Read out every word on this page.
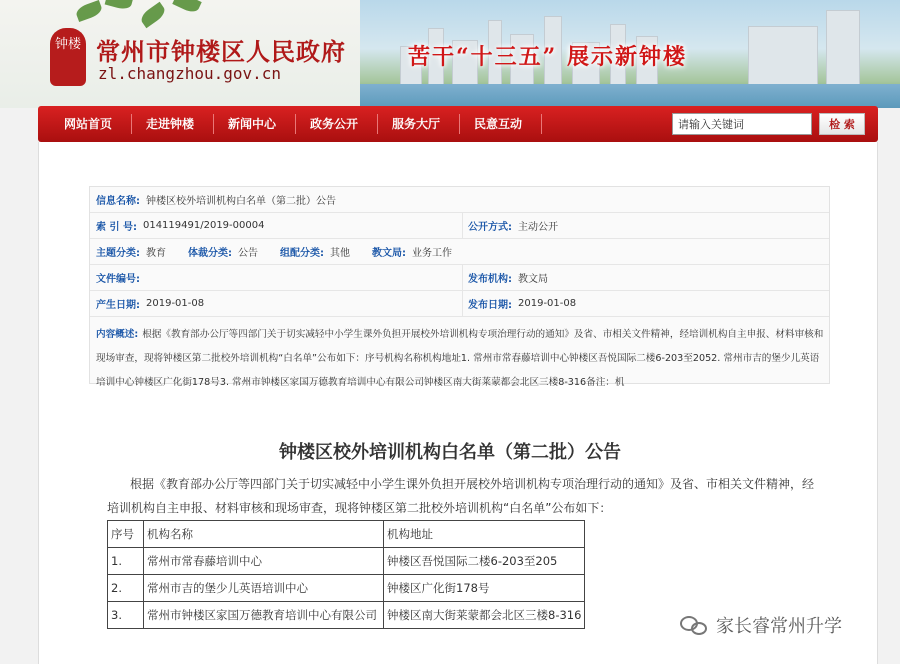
钟楼 常州市钟楼区人民政府
zl.changzhou.gov.cn
苦干“十三五” 展示新钟楼
网站首页	走进钟楼	新闻中心	政务公开	服务大厅	民意互动
请输入关键词	检 索
信息名称: 钟楼区校外培训机构白名单（第二批）公告
索 引 号: 014119491/2019-00004	公开方式: 主动公开
主题分类: 教育 体裁分类: 公告 组配分类: 其他 教文局: 业务工作
文件编号:	发布机构: 教文局
产生日期: 2019-01-08	发布日期: 2019-01-08
内容概述: 根据《教育部办公厅等四部门关于切实减轻中小学生课外负担开展校外培训机构专项治理行动的通知》及省、市相关文件精神，经培训机构自主申报、材料审核和现场审查，现将钟楼区第二批校外培训机构“白名单”公布如下：序号机构名称机构地址1. 常州市常春藤培训中心钟楼区吾悦国际二楼6-203至2052. 常州市吉的堡少儿英语培训中心钟楼区广化街178号3. 常州市钟楼区家国万德教育培训中心有限公司钟楼区南大街莱蒙都会北区三楼8-316备注：机
钟楼区校外培训机构白名单（第二批）公告
根据《教育部办公厅等四部门关于切实减轻中小学生课外负担开展校外培训机构专项治理行动的通知》及省、市相关文件精神，经
培训机构自主申报、材料审核和现场审查，现将钟楼区第二批校外培训机构“白名单”公布如下：
序号	机构名称	机构地址
1.	常州市常春藤培训中心	钟楼区吾悦国际二楼6-203至205
2.	常州市吉的堡少儿英语培训中心	钟楼区广化街178号
3.	常州市钟楼区家国万德教育培训中心有限公司	钟楼区南大街莱蒙都会北区三楼8-316
家长睿常州升学
